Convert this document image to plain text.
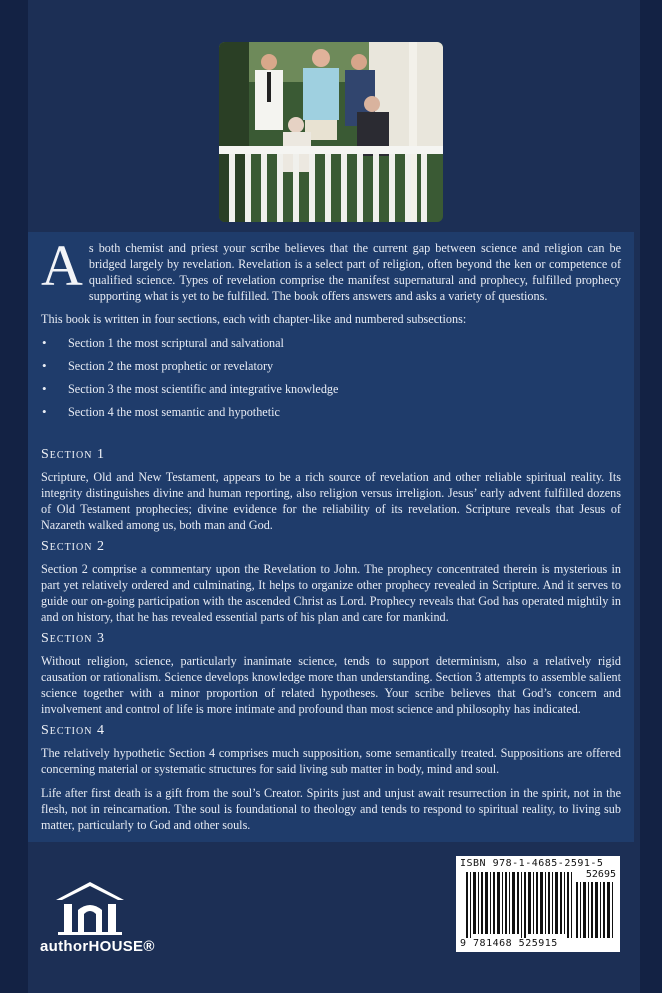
A s both chemist and priest your scribe believes that the current gap between science and religion can be bridged largely by revelation. Revelation is a select part of religion, often beyond the ken or competence of qualified science. Types of revelation comprise the manifest supernatural and prophecy, fulfilled prophecy supporting what is yet to be fulfilled. The book offers answers and asks a variety of questions.

This book is written in four sections, each with chapter-like and numbered subsections:
• Section 1 the most scriptural and salvational
• Section 2 the most prophetic or revelatory
• Section 3 the most scientific and integrative knowledge
• Section 4 the most semantic and hypothetic
Section 1

Scripture, Old and New Testament, appears to be a rich source of revelation and other reliable spiritual reality. Its integrity distinguishes divine and human reporting, also religion versus irreligion. Jesus’ early advent fulfilled dozens of Old Testament prophecies; divine evidence for the reliability of its revelation. Scripture reveals that Jesus of Nazareth walked among us, both man and God.

Section 2

Section 2 comprise a commentary upon the Revelation to John. The prophecy concentrated therein is mysterious in part yet relatively ordered and culminating, It helps to organize other prophecy revealed in Scripture. And it serves to guide our on-going participation with the ascended Christ as Lord. Prophecy reveals that God has operated mightily in and on history, that he has revealed essential parts of his plan and care for mankind.

Section 3

Without religion, science, particularly inanimate science, tends to support determinism, also a relatively rigid causation or rationalism. Science develops knowledge more than understanding. Section 3 attempts to assemble salient science together with a minor proportion of related hypotheses. Your scribe believes that God’s concern and involvement and control of life is more intimate and profound than most science and philosophy has indicated.

Section 4

The relatively hypothetic Section 4 comprises much supposition, some semantically treated. Suppositions are offered concerning material or systematic structures for said living sub matter in body, mind and soul.

Life after first death is a gift from the soul’s Creator. Spirits just and unjust await resurrection in the spirit, not in the flesh, not in reincarnation. Tthe soul is foundational to theology and tends to respond to spiritual reality, to living sub matter, particularly to God and other souls.

authorHOUSE®
ISBN 978-1-4685-2591-5
52695
9 781468 525915
